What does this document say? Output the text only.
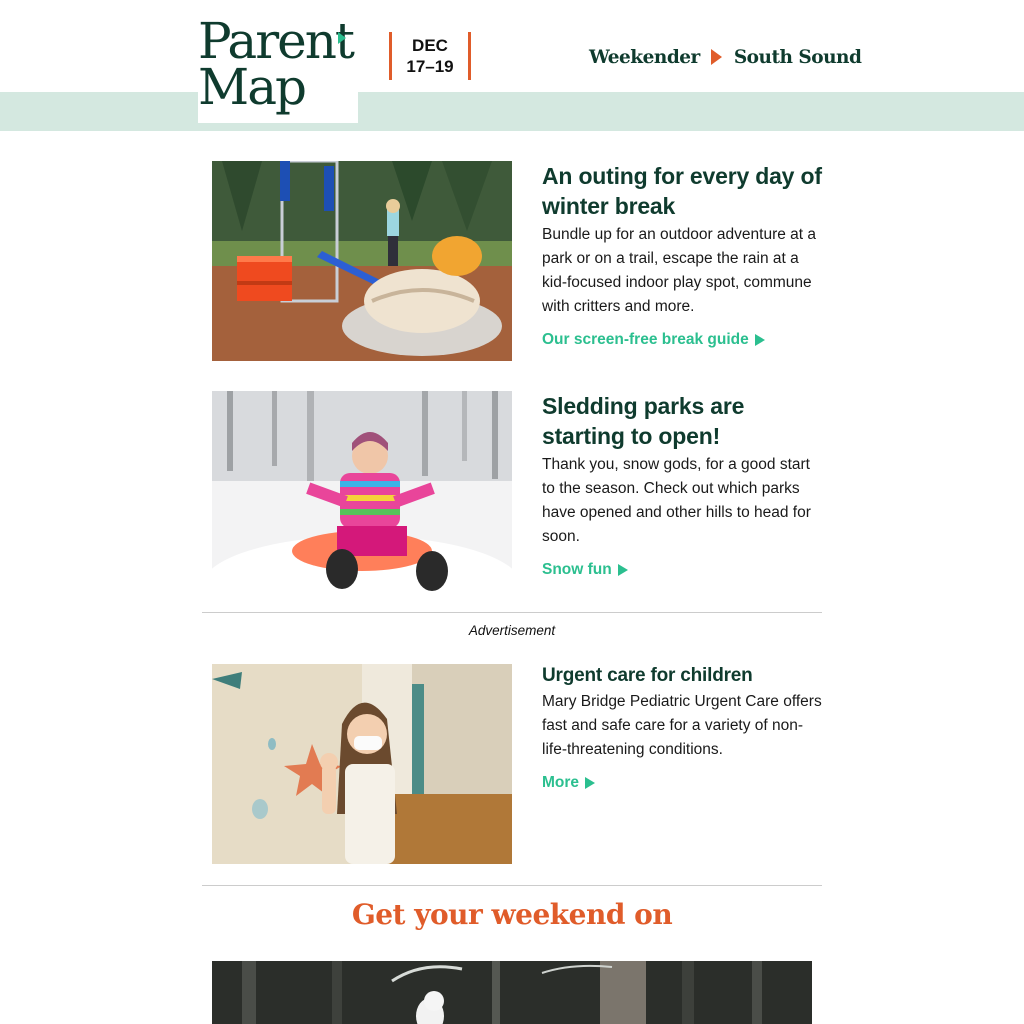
Parent
Map
DEC
17–19	Weekender South Sound
An outing for every day of winter break
Bundle up for an outdoor adventure at a park or on a trail, escape the rain at a kid-focused indoor play spot, commune with critters and more.
Our screen-free break guide
Sledding parks are starting to open!
Thank you, snow gods, for a good start to the season. Check out which parks have opened and other hills to head for soon.
Snow fun
Advertisement
Urgent care for children
Mary Bridge Pediatric Urgent Care offers fast and safe care for a variety of non-life-threatening conditions.
More
Get your weekend on
